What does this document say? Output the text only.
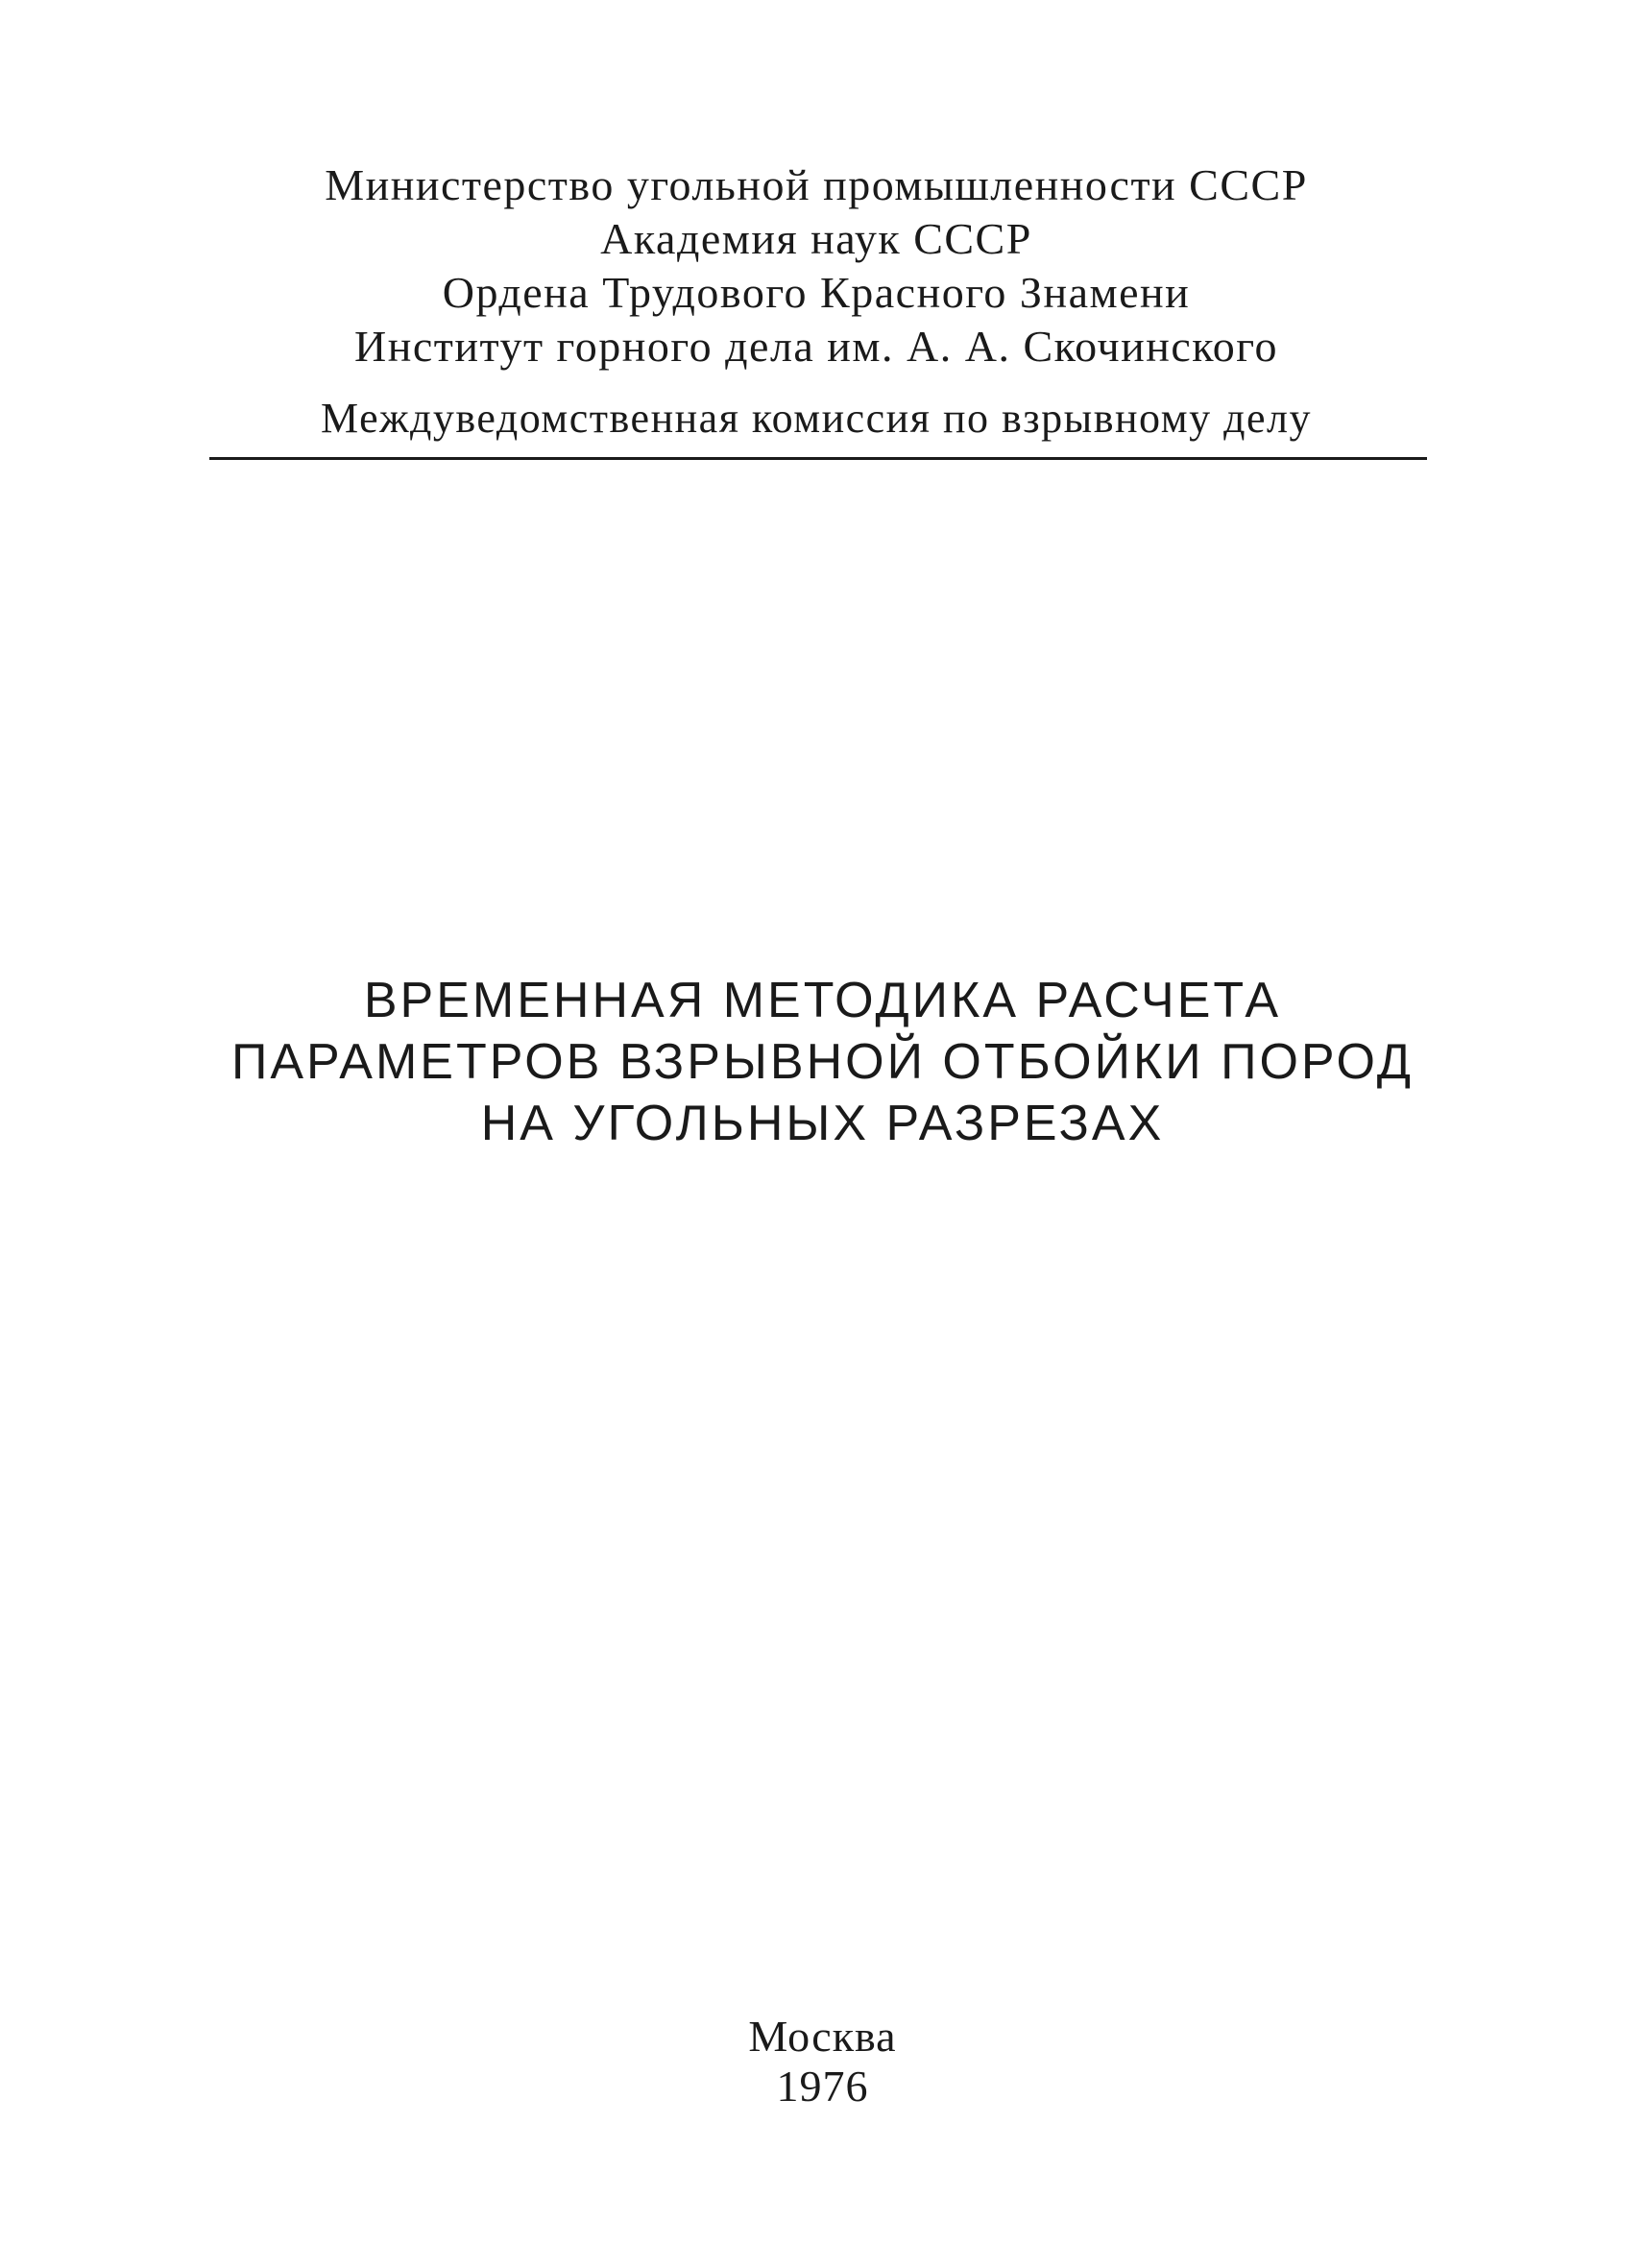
Министерство угольной промышленности СССР
Академия наук СССР
Ордена Трудового Красного Знамени
Институт горного дела им. А. А. Скочинского
Междуведомственная комиссия по взрывному делу
ВРЕМЕННАЯ МЕТОДИКА РАСЧЕТА
ПАРАМЕТРОВ ВЗРЫВНОЙ ОТБОЙКИ ПОРОД
НА УГОЛЬНЫХ РАЗРЕЗАХ
Москва
1976
